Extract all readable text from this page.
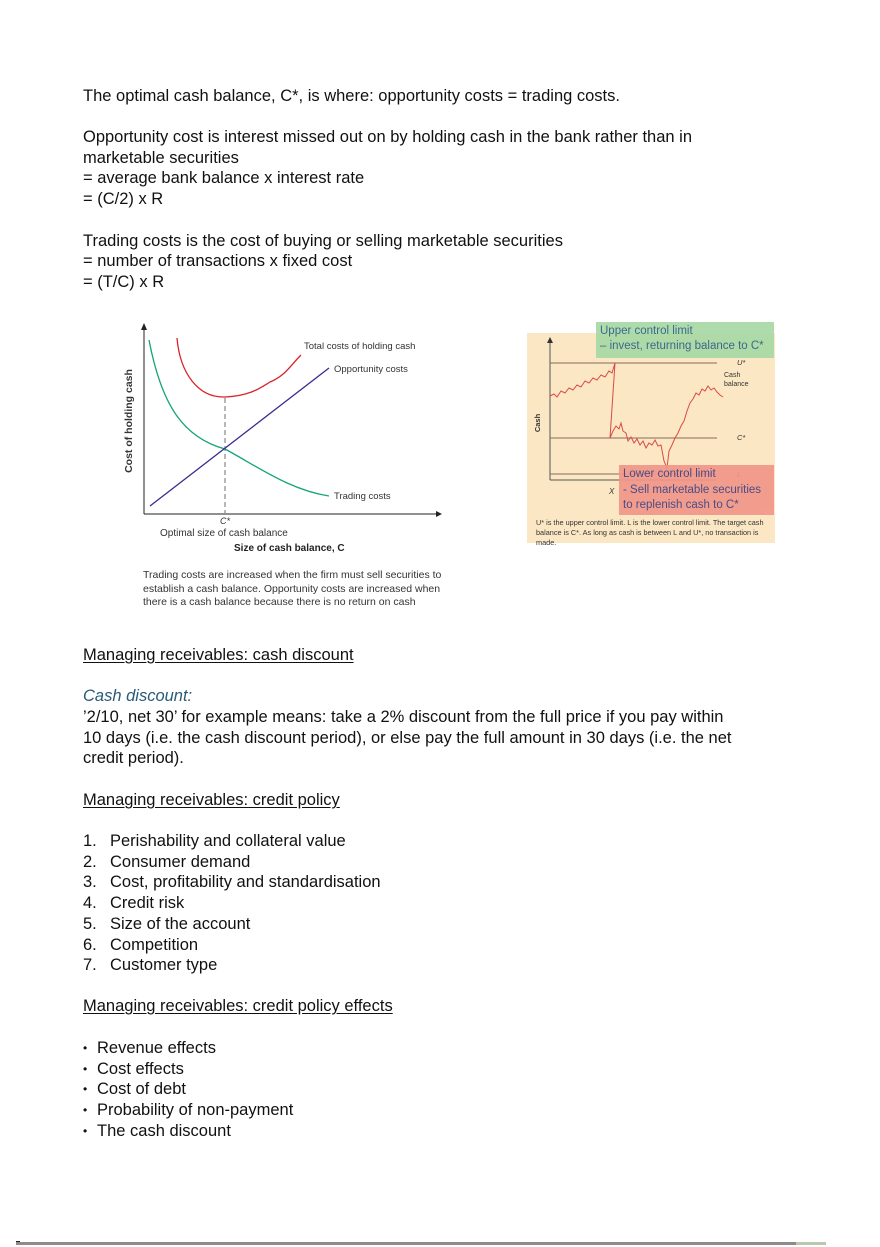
The optimal cash balance, C*, is where: opportunity costs = trading costs.
Opportunity cost is interest missed out on by holding cash in the bank rather than in
marketable securities
= average bank balance x interest rate
= (C/2) x R
Trading costs is the cost of buying or selling marketable securities
= number of transactions x fixed cost
= (T/C) x R
Cost of holding cash
Total costs of holding cash
Opportunity costs
Trading costs
C*
Optimal size of cash balance
Size of cash balance, C
Trading costs are increased when the firm must sell securities to
establish a cash balance. Opportunity costs are increased when
there is a cash balance because there is no return on cash
Cash
U*
C*
X
Cash
balance
Upper control limit
– invest, returning balance to C*
Lower control limit
- Sell marketable securities
to replenish cash to C*
U* is the upper control limit. L is the lower control limit. The target cash
balance is C*. As long as cash is between L and U*, no transaction is made.
Managing receivables: cash discount
Cash discount:
’2/10, net 30’ for example means: take a 2% discount from the full price if you pay within
10 days (i.e. the cash discount period), or else pay the full amount in 30 days (i.e. the net
credit period).
Managing receivables: credit policy
1. Perishability and collateral value
2. Consumer demand
3. Cost, profitability and standardisation
4. Credit risk
5. Size of the account
6. Competition
7. Customer type
Managing receivables: credit policy effects
• Revenue effects
• Cost effects
• Cost of debt
• Probability of non-payment
• The cash discount
